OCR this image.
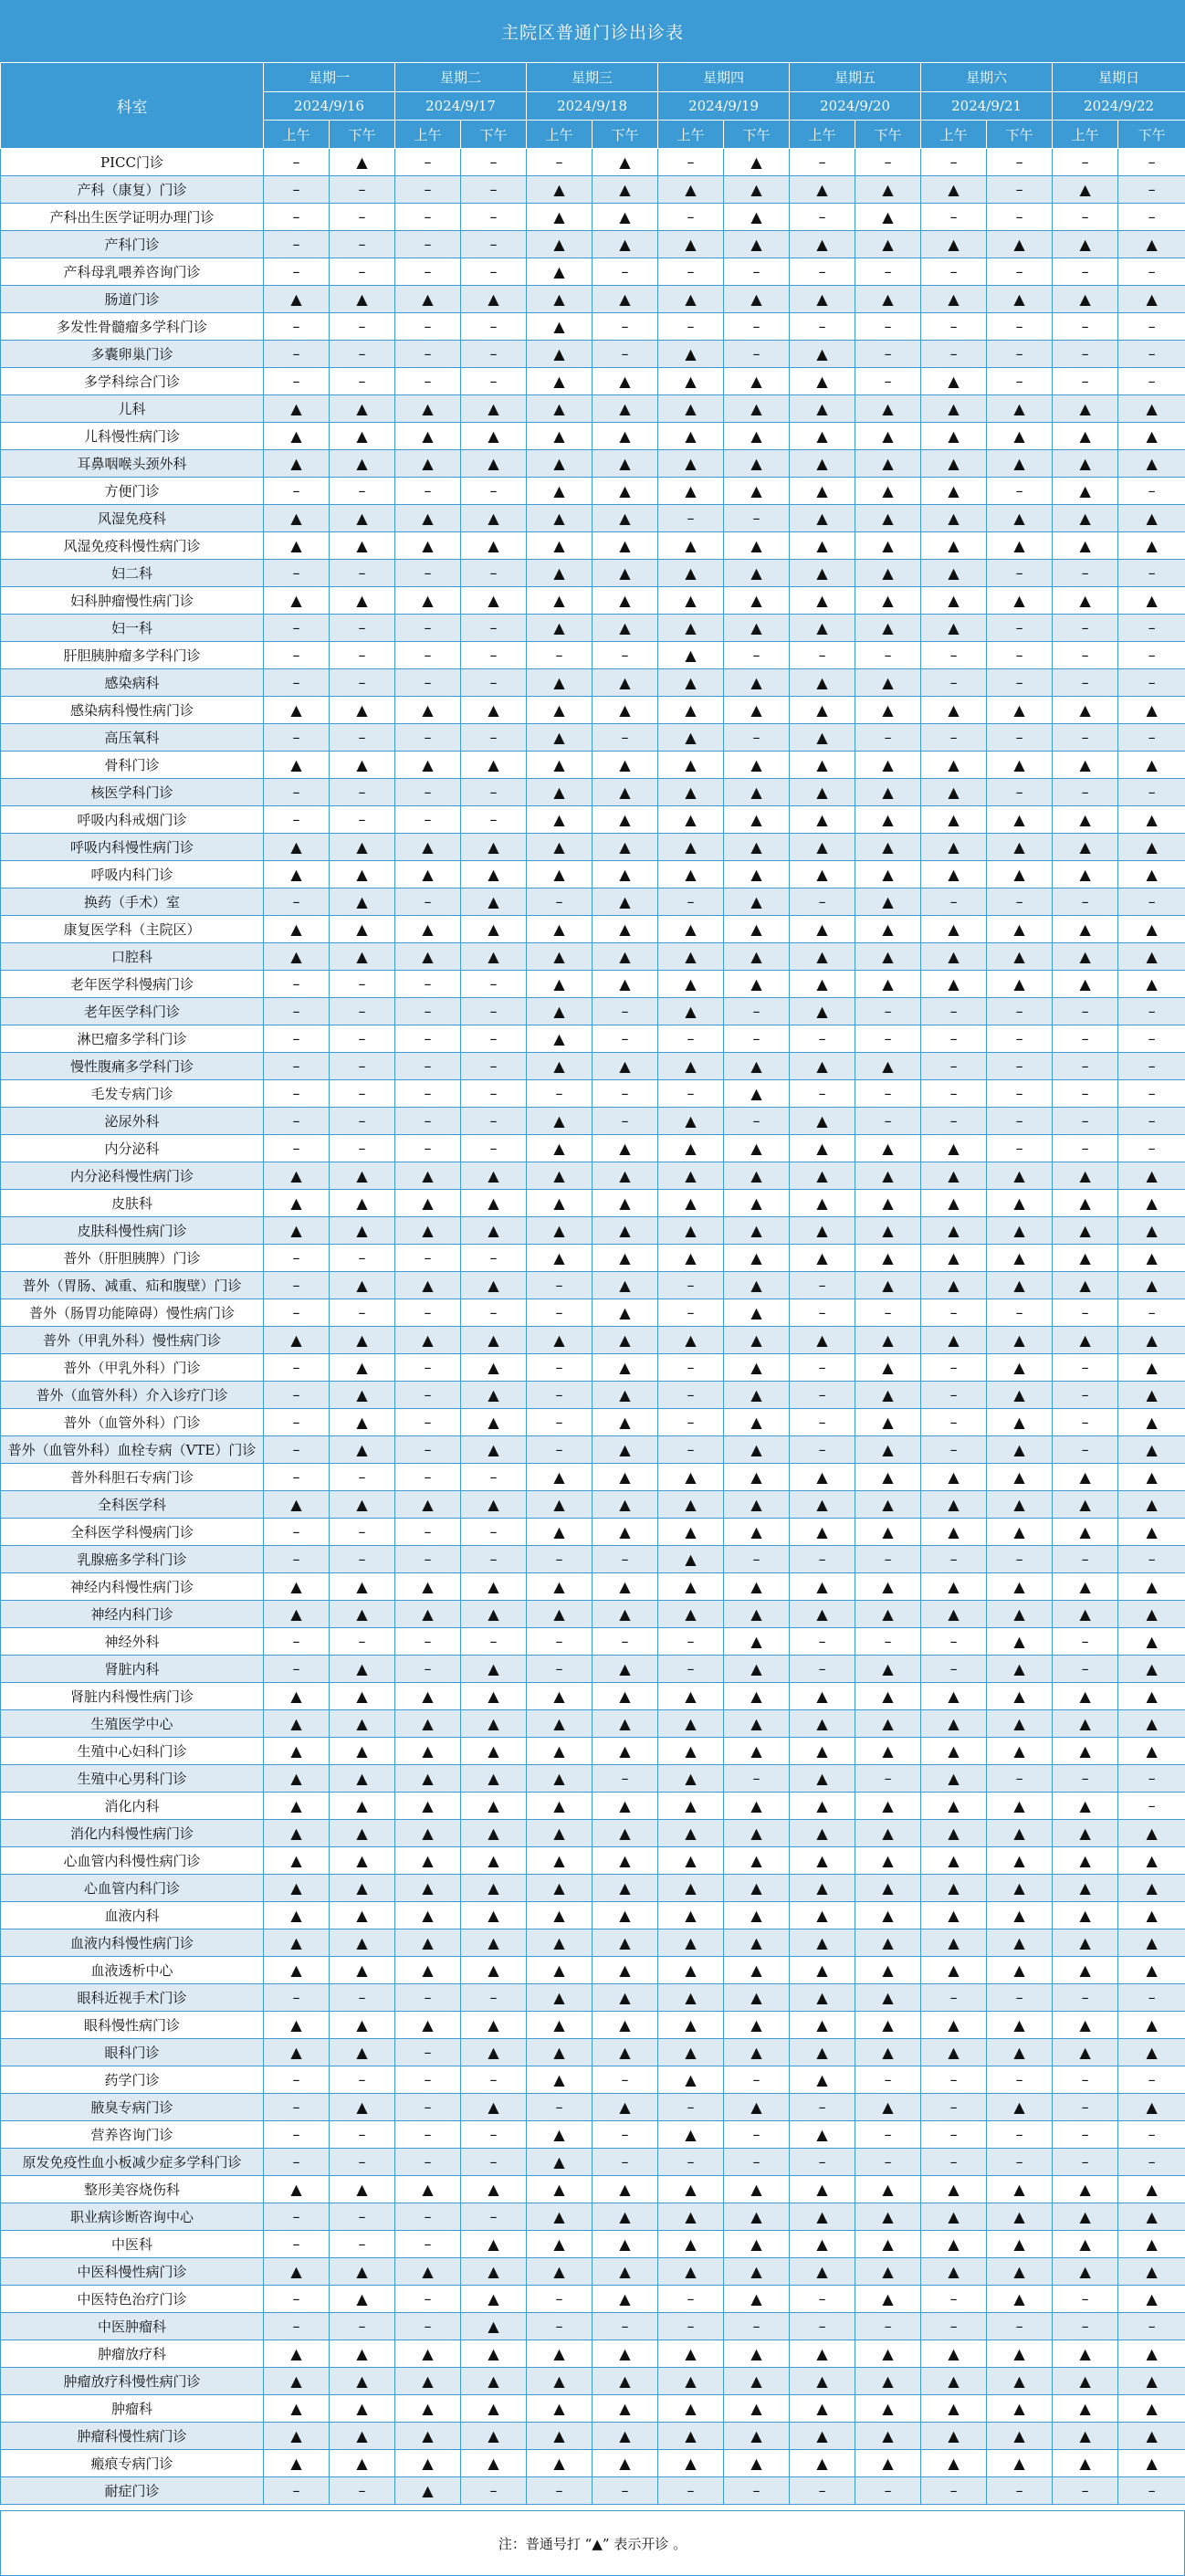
主院区普通门诊出诊表
科室	星期一		星期二		星期三		星期四		星期五		星期六		星期日	
	2024/9/16		2024/9/17		2024/9/18		2024/9/19		2024/9/20		2024/9/21		2024/9/22	
	上午	下午	上午	下午	上午	下午	上午	下午	上午	下午	上午	下午	上午	下午
PICC门诊	–	▲	–	–	–	▲	–	▲	–	–	–	–	–	–
产科（康复）门诊	–	–	–	–	▲	▲	▲	▲	▲	▲	▲	–	▲	–
产科出生医学证明办理门诊	–	–	–	–	▲	▲	–	▲	–	▲	–	–	–	–
产科门诊	–	–	–	–	▲	▲	▲	▲	▲	▲	▲	▲	▲	▲
产科母乳喂养咨询门诊	–	–	–	–	▲	–	–	–	–	–	–	–	–	–
肠道门诊	▲	▲	▲	▲	▲	▲	▲	▲	▲	▲	▲	▲	▲	▲
多发性骨髓瘤多学科门诊	–	–	–	–	▲	–	–	–	–	–	–	–	–	–
多囊卵巢门诊	–	–	–	–	▲	–	▲	–	▲	–	–	–	–	–
多学科综合门诊	–	–	–	–	▲	▲	▲	▲	▲	–	▲	–	–	–
儿科	▲	▲	▲	▲	▲	▲	▲	▲	▲	▲	▲	▲	▲	▲
儿科慢性病门诊	▲	▲	▲	▲	▲	▲	▲	▲	▲	▲	▲	▲	▲	▲
耳鼻咽喉头颈外科	▲	▲	▲	▲	▲	▲	▲	▲	▲	▲	▲	▲	▲	▲
方便门诊	–	–	–	–	▲	▲	▲	▲	▲	▲	▲	–	▲	–
风湿免疫科	▲	▲	▲	▲	▲	▲	–	–	▲	▲	▲	▲	▲	▲
风湿免疫科慢性病门诊	▲	▲	▲	▲	▲	▲	▲	▲	▲	▲	▲	▲	▲	▲
妇二科	–	–	–	–	▲	▲	▲	▲	▲	▲	▲	–	–	–
妇科肿瘤慢性病门诊	▲	▲	▲	▲	▲	▲	▲	▲	▲	▲	▲	▲	▲	▲
妇一科	–	–	–	–	▲	▲	▲	▲	▲	▲	▲	–	–	–
肝胆胰肿瘤多学科门诊	–	–	–	–	–	–	▲	–	–	–	–	–	–	–
感染病科	–	–	–	–	▲	▲	▲	▲	▲	▲	–	–	–	–
感染病科慢性病门诊	▲	▲	▲	▲	▲	▲	▲	▲	▲	▲	▲	▲	▲	▲
高压氧科	–	–	–	–	▲	–	▲	–	▲	–	–	–	–	–
骨科门诊	▲	▲	▲	▲	▲	▲	▲	▲	▲	▲	▲	▲	▲	▲
核医学科门诊	–	–	–	–	▲	▲	▲	▲	▲	▲	▲	–	–	–
呼吸内科戒烟门诊	–	–	–	–	▲	▲	▲	▲	▲	▲	▲	▲	▲	▲
呼吸内科慢性病门诊	▲	▲	▲	▲	▲	▲	▲	▲	▲	▲	▲	▲	▲	▲
呼吸内科门诊	▲	▲	▲	▲	▲	▲	▲	▲	▲	▲	▲	▲	▲	▲
换药（手术）室	–	▲	–	▲	–	▲	–	▲	–	▲	–	–	–	–
康复医学科（主院区）	▲	▲	▲	▲	▲	▲	▲	▲	▲	▲	▲	▲	▲	▲
口腔科	▲	▲	▲	▲	▲	▲	▲	▲	▲	▲	▲	▲	▲	▲
老年医学科慢病门诊	–	–	–	–	▲	▲	▲	▲	▲	▲	▲	▲	▲	▲
老年医学科门诊	–	–	–	–	▲	–	▲	–	▲	–	–	–	–	–
淋巴瘤多学科门诊	–	–	–	–	▲	–	–	–	–	–	–	–	–	–
慢性腹痛多学科门诊	–	–	–	–	▲	▲	▲	▲	▲	▲	–	–	–	–
毛发专病门诊	–	–	–	–	–	–	–	▲	–	–	–	–	–	–
泌尿外科	–	–	–	–	▲	–	▲	–	▲	–	–	–	–	–
内分泌科	–	–	–	–	▲	▲	▲	▲	▲	▲	▲	–	–	–
内分泌科慢性病门诊	▲	▲	▲	▲	▲	▲	▲	▲	▲	▲	▲	▲	▲	▲
皮肤科	▲	▲	▲	▲	▲	▲	▲	▲	▲	▲	▲	▲	▲	▲
皮肤科慢性病门诊	▲	▲	▲	▲	▲	▲	▲	▲	▲	▲	▲	▲	▲	▲
普外（肝胆胰脾）门诊	–	–	–	–	▲	▲	▲	▲	▲	▲	▲	▲	▲	▲
普外（胃肠、减重、疝和腹壁）门诊	–	▲	▲	▲	–	▲	–	▲	–	▲	▲	▲	▲	▲
普外（肠胃功能障碍）慢性病门诊	–	–	–	–	–	▲	–	▲	–	–	–	–	–	–
普外（甲乳外科）慢性病门诊	▲	▲	▲	▲	▲	▲	▲	▲	▲	▲	▲	▲	▲	▲
普外（甲乳外科）门诊	–	▲	–	▲	–	▲	–	▲	–	▲	–	▲	–	▲
普外（血管外科）介入诊疗门诊	–	▲	–	▲	–	▲	–	▲	–	▲	–	▲	–	▲
普外（血管外科）门诊	–	▲	–	▲	–	▲	–	▲	–	▲	–	▲	–	▲
普外（血管外科）血栓专病（VTE）门诊	–	▲	–	▲	–	▲	–	▲	–	▲	–	▲	–	▲
普外科胆石专病门诊	–	–	–	–	▲	▲	▲	▲	▲	▲	▲	▲	▲	▲
全科医学科	▲	▲	▲	▲	▲	▲	▲	▲	▲	▲	▲	▲	▲	▲
全科医学科慢病门诊	–	–	–	–	▲	▲	▲	▲	▲	▲	▲	▲	▲	▲
乳腺癌多学科门诊	–	–	–	–	–	–	▲	–	–	–	–	–	–	–
神经内科慢性病门诊	▲	▲	▲	▲	▲	▲	▲	▲	▲	▲	▲	▲	▲	▲
神经内科门诊	▲	▲	▲	▲	▲	▲	▲	▲	▲	▲	▲	▲	▲	▲
神经外科	–	–	–	–	–	–	–	▲	–	–	–	▲	–	▲
肾脏内科	–	▲	–	▲	–	▲	–	▲	–	▲	–	▲	–	▲
肾脏内科慢性病门诊	▲	▲	▲	▲	▲	▲	▲	▲	▲	▲	▲	▲	▲	▲
生殖医学中心	▲	▲	▲	▲	▲	▲	▲	▲	▲	▲	▲	▲	▲	▲
生殖中心妇科门诊	▲	▲	▲	▲	▲	▲	▲	▲	▲	▲	▲	▲	▲	▲
生殖中心男科门诊	▲	▲	▲	▲	▲	–	▲	–	▲	–	▲	–	–	–
消化内科	▲	▲	▲	▲	▲	▲	▲	▲	▲	▲	▲	▲	▲	–
消化内科慢性病门诊	▲	▲	▲	▲	▲	▲	▲	▲	▲	▲	▲	▲	▲	▲
心血管内科慢性病门诊	▲	▲	▲	▲	▲	▲	▲	▲	▲	▲	▲	▲	▲	▲
心血管内科门诊	▲	▲	▲	▲	▲	▲	▲	▲	▲	▲	▲	▲	▲	▲
血液内科	▲	▲	▲	▲	▲	▲	▲	▲	▲	▲	▲	▲	▲	▲
血液内科慢性病门诊	▲	▲	▲	▲	▲	▲	▲	▲	▲	▲	▲	▲	▲	▲
血液透析中心	▲	▲	▲	▲	▲	▲	▲	▲	▲	▲	▲	▲	▲	▲
眼科近视手术门诊	–	–	–	–	▲	▲	▲	▲	▲	▲	–	–	–	–
眼科慢性病门诊	▲	▲	▲	▲	▲	▲	▲	▲	▲	▲	▲	▲	▲	▲
眼科门诊	▲	▲	–	▲	▲	▲	▲	▲	▲	▲	▲	▲	▲	▲
药学门诊	–	–	–	–	▲	–	▲	–	▲	–	–	–	–	–
腋臭专病门诊	–	▲	–	▲	–	▲	–	▲	–	▲	–	▲	–	▲
营养咨询门诊	–	–	–	–	▲	–	▲	–	▲	–	–	–	–	–
原发免疫性血小板减少症多学科门诊	–	–	–	–	▲	–	–	–	–	–	–	–	–	–
整形美容烧伤科	▲	▲	▲	▲	▲	▲	▲	▲	▲	▲	▲	▲	▲	▲
职业病诊断咨询中心	–	–	–	–	▲	▲	▲	▲	▲	▲	▲	▲	▲	▲
中医科	–	–	–	▲	▲	▲	▲	▲	▲	▲	▲	▲	▲	▲
中医科慢性病门诊	▲	▲	▲	▲	▲	▲	▲	▲	▲	▲	▲	▲	▲	▲
中医特色治疗门诊	–	▲	–	▲	–	▲	–	▲	–	▲	–	▲	–	▲
中医肿瘤科	–	–	–	▲	–	–	–	–	–	–	–	–	–	–
肿瘤放疗科	▲	▲	▲	▲	▲	▲	▲	▲	▲	▲	▲	▲	▲	▲
肿瘤放疗科慢性病门诊	▲	▲	▲	▲	▲	▲	▲	▲	▲	▲	▲	▲	▲	▲
肿瘤科	▲	▲	▲	▲	▲	▲	▲	▲	▲	▲	▲	▲	▲	▲
肿瘤科慢性病门诊	▲	▲	▲	▲	▲	▲	▲	▲	▲	▲	▲	▲	▲	▲
瘢痕专病门诊	▲	▲	▲	▲	▲	▲	▲	▲	▲	▲	▲	▲	▲	▲
耐症门诊	–	–	▲	–	–	–	–	–	–	–	–	–	–	–
注：普通号打 “▲” 表示开诊 。
